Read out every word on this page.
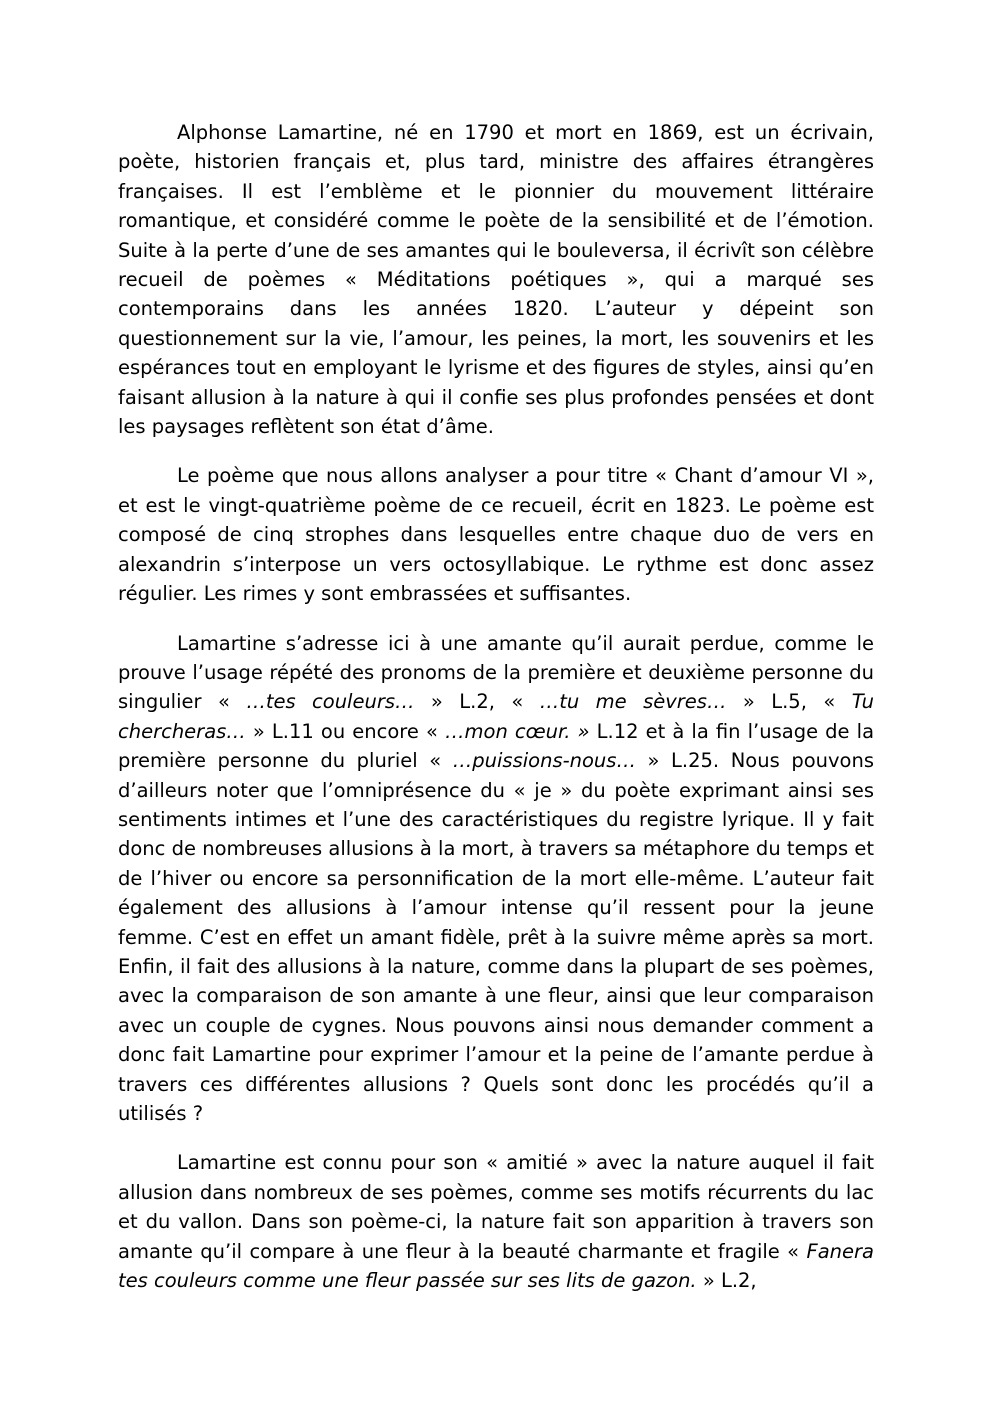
Alphonse Lamartine, né en 1790 et mort en 1869, est un écrivain, poète, historien français et, plus tard, ministre des affaires étrangères françaises. Il est l’emblème et le pionnier du mouvement littéraire romantique, et considéré comme le poète de la sensibilité et de l’émotion. Suite à la perte d’une de ses amantes qui le bouleversa, il écrivît son célèbre recueil de poèmes « Méditations poétiques », qui a marqué ses contemporains dans les années 1820. L’auteur y dépeint son questionnement sur la vie, l’amour, les peines, la mort, les souvenirs et les espérances tout en employant le lyrisme et des figures de styles, ainsi qu’en faisant allusion à la nature à qui il confie ses plus profondes pensées et dont les paysages reflètent son état d’âme.

Le poème que nous allons analyser a pour titre « Chant d’amour VI », et est le vingt-quatrième poème de ce recueil, écrit en 1823. Le poème est composé de cinq strophes dans lesquelles entre chaque duo de vers en alexandrin s’interpose un vers octosyllabique. Le rythme est donc assez régulier. Les rimes y sont embrassées et suffisantes.

Lamartine s’adresse ici à une amante qu’il aurait perdue, comme le prouve l’usage répété des pronoms de la première et deuxième personne du singulier « …tes couleurs… » L.2, « …tu me sèvres… » L.5, « Tu chercheras… » L.11 ou encore « …mon cœur. » L.12 et à la fin l’usage de la première personne du pluriel « …puissions-nous… » L.25. Nous pouvons d’ailleurs noter que l’omniprésence du « je » du poète exprimant ainsi ses sentiments intimes et l’une des caractéristiques du registre lyrique. Il y fait donc de nombreuses allusions à la mort, à travers sa métaphore du temps et de l’hiver ou encore sa personnification de la mort elle-même. L’auteur fait également des allusions à l’amour intense qu’il ressent pour la jeune femme. C’est en effet un amant fidèle, prêt à la suivre même après sa mort. Enfin, il fait des allusions à la nature, comme dans la plupart de ses poèmes, avec la comparaison de son amante à une fleur, ainsi que leur comparaison avec un couple de cygnes. Nous pouvons ainsi nous demander comment a donc fait Lamartine pour exprimer l’amour et la peine de l’amante perdue à travers ces différentes allusions ? Quels sont donc les procédés qu’il a utilisés ?

Lamartine est connu pour son « amitié » avec la nature auquel il fait allusion dans nombreux de ses poèmes, comme ses motifs récurrents du lac et du vallon. Dans son poème-ci, la nature fait son apparition à travers son amante qu’il compare à une fleur à la beauté charmante et fragile « Fanera tes couleurs comme une fleur passée sur ses lits de gazon. » L.2,
